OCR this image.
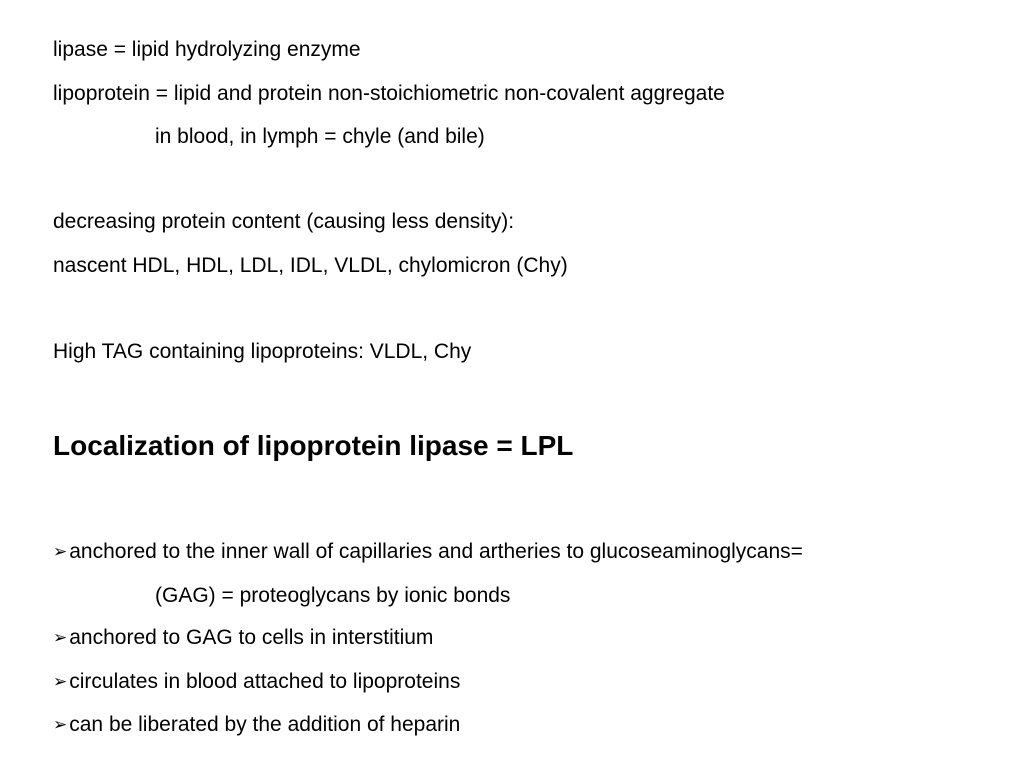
lipase = lipid hydrolyzing enzyme
lipoprotein = lipid and protein non-stoichiometric non-covalent aggregate
in blood, in lymph = chyle (and bile)
decreasing protein content (causing less density):
nascent HDL, HDL, LDL, IDL, VLDL, chylomicron (Chy)
High TAG containing lipoproteins: VLDL, Chy
Localization of lipoprotein lipase = LPL
➢ anchored to the inner wall of capillaries and artheries to glucoseaminoglycans=
(GAG) = proteoglycans by ionic bonds
➢ anchored to GAG to cells in interstitium
➢ circulates in blood attached to lipoproteins
➢ can be liberated by the addition of heparin
